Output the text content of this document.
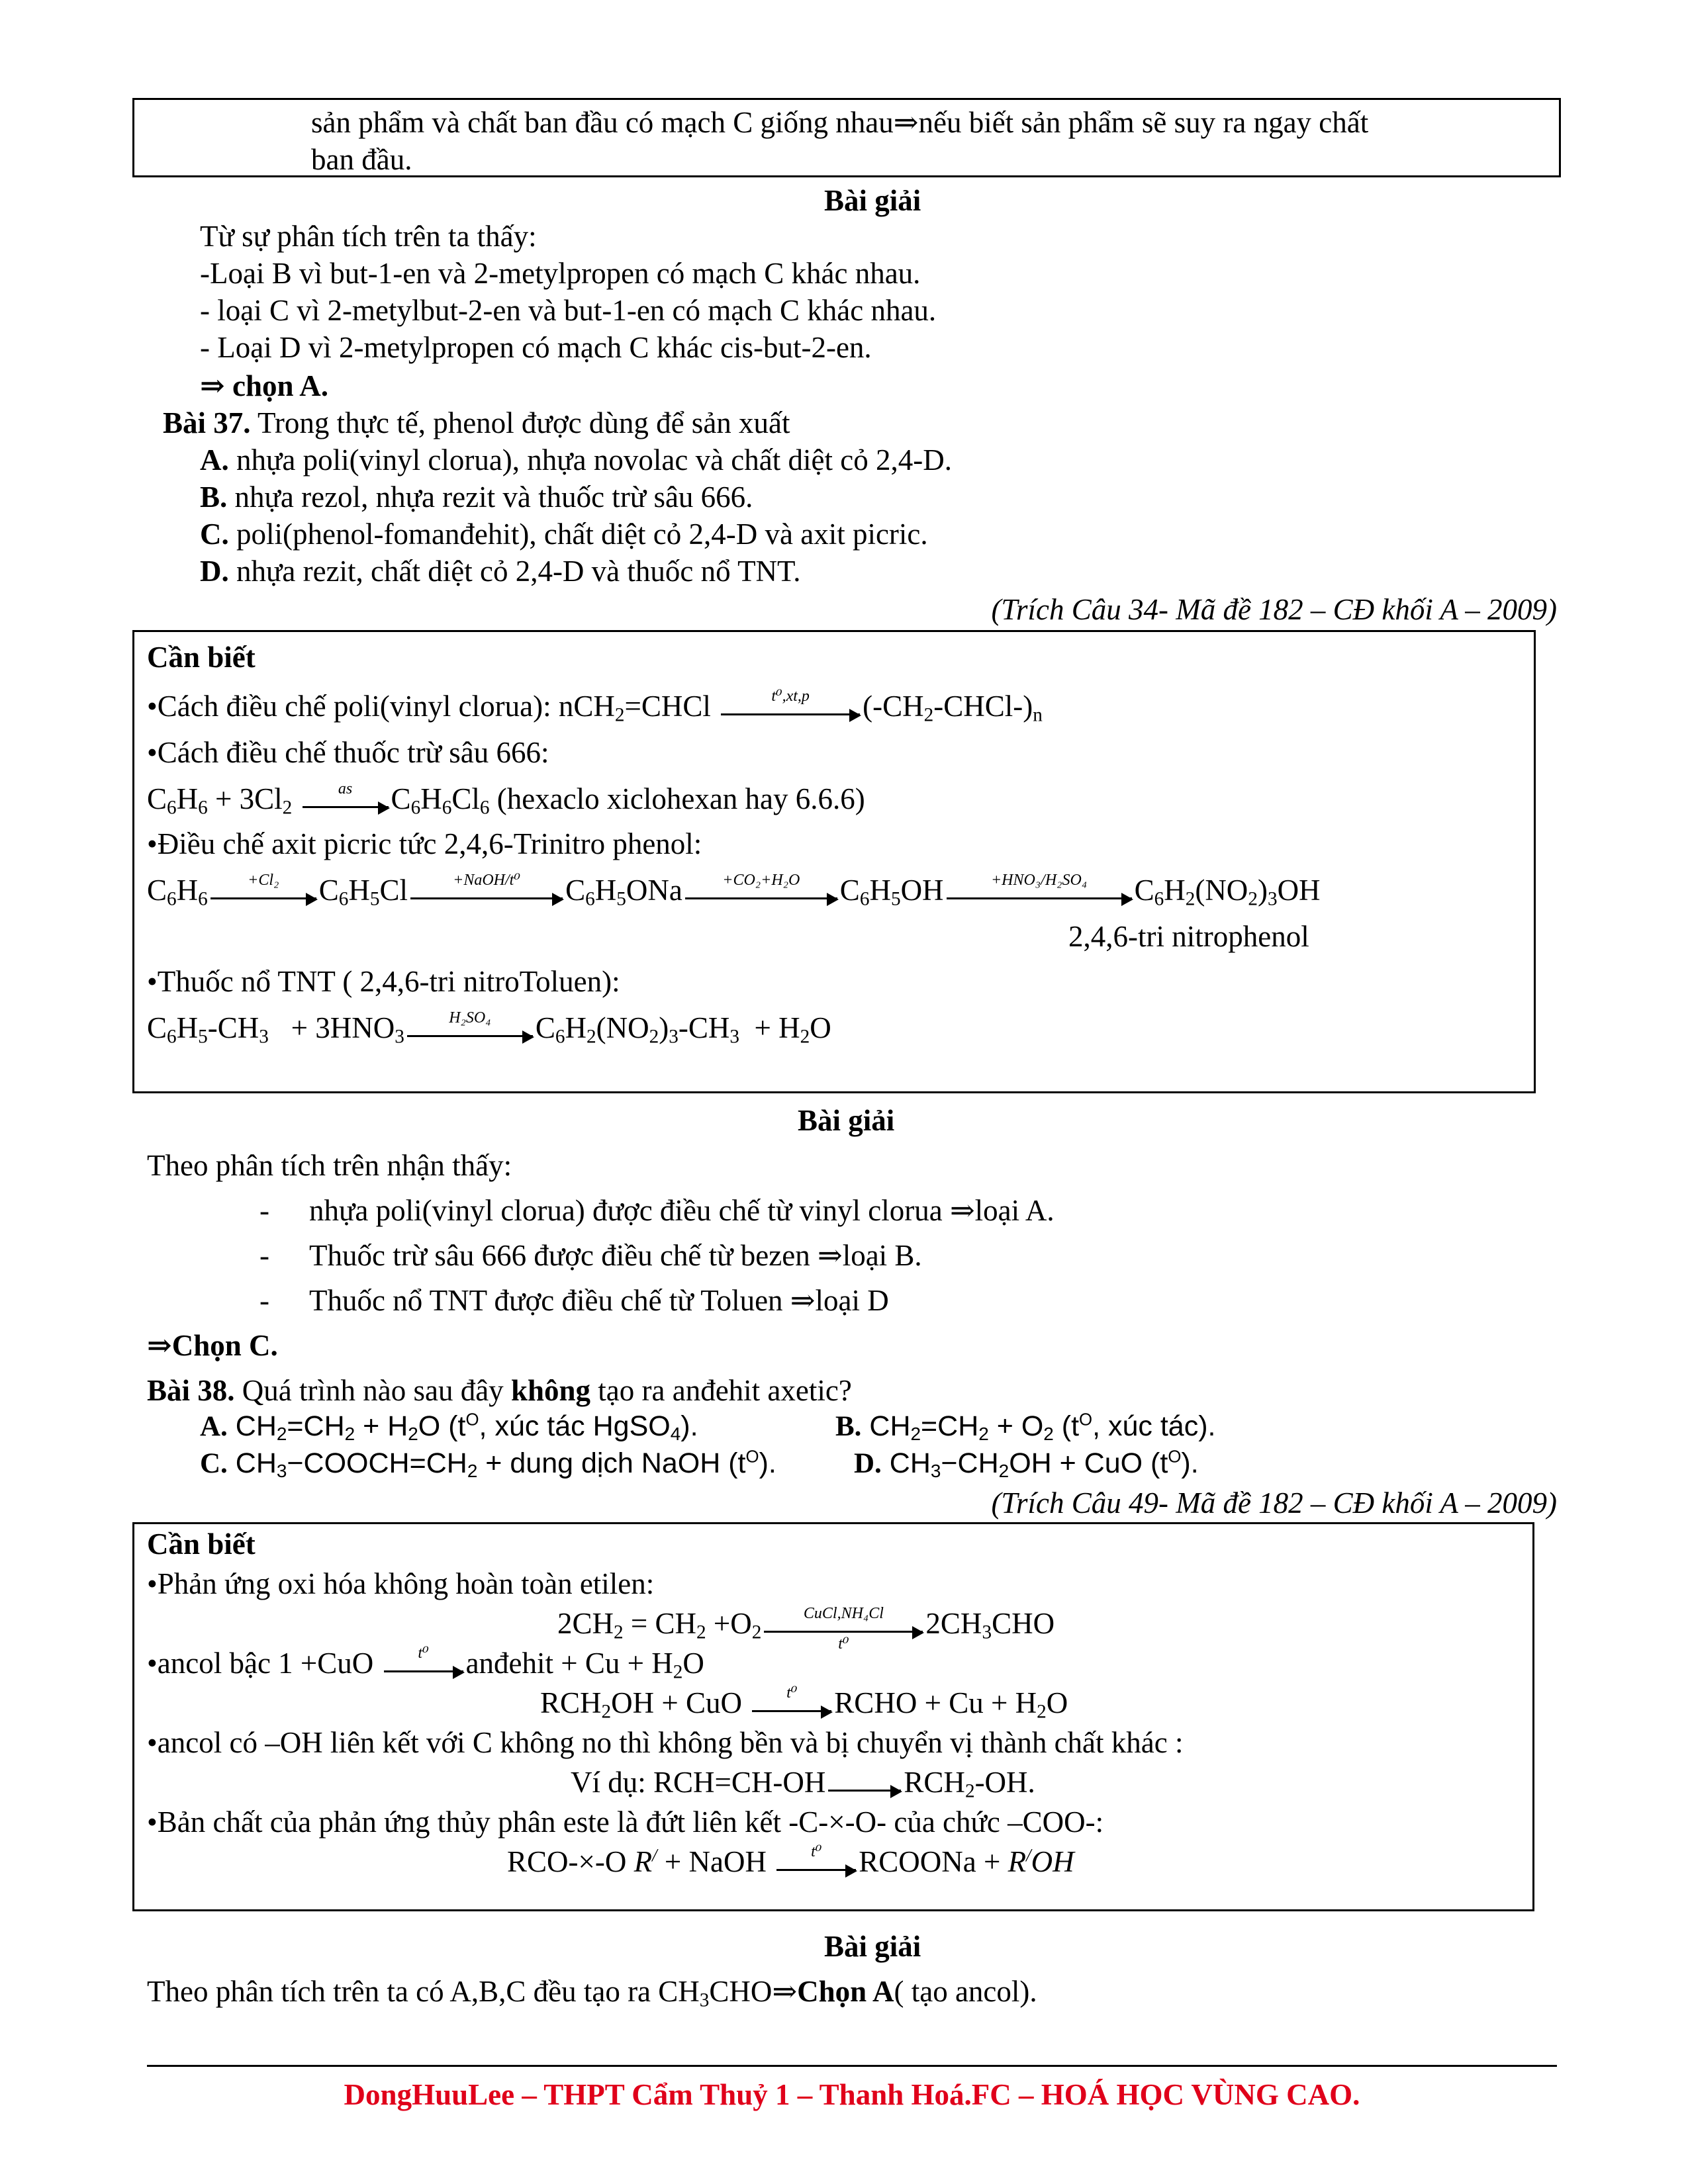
sản phẩm và chất ban đầu có mạch C giống nhau⇒nếu biết sản phẩm sẽ suy ra ngay chất
ban đầu.
Bài giải
Từ sự phân tích trên ta thấy:
-Loại B vì but-1-en và 2-metylpropen có mạch C khác nhau.
- loại C vì 2-metylbut-2-en và but-1-en có mạch C khác nhau.
- Loại D vì 2-metylpropen có mạch C khác cis-but-2-en.
⇒ chọn A.
Bài 37. Trong thực tế, phenol được dùng để sản xuất
A. nhựa poli(vinyl clorua), nhựa novolac và chất diệt cỏ 2,4-D.
B. nhựa rezol, nhựa rezit và thuốc trừ sâu 666.
C. poli(phenol-fomanđehit), chất diệt cỏ 2,4-D và axit picric.
D. nhựa rezit, chất diệt cỏ 2,4-D và thuốc nổ TNT.
(Trích Câu 34- Mã đề 182 – CĐ khối A – 2009)
Cần biết
•Cách điều chế poli(vinyl clorua): nCH$_2$=CHCl	t⁰,xt,p	$(-CH_2-CHCl-)_n$
•Cách điều chế thuốc trừ sâu 666:
$C_6H_6 + 3Cl_2$
as	$C_6H_6Cl_6$ (hexaclo xiclohexan hay 6.6.6)
•Điều chế axit picric tức 2,4,6-Trinitro phenol:
$C_6H_6$
+Cl₂	$C_6H_5Cl$	+NaOH/t⁰	$C_6H_5ONa$	+CO₂+H₂O	$C_6H_5OH$	+HNO₃/H₂SO₄	$C_6H_2(NO_2)_3OH$
2,4,6-tri nitrophenol
•Thuốc nổ TNT ( 2,4,6-tri nitroToluen):
$C_6H_5-CH_3 + 3HNO_3$
H₂SO₄	$C_6H_2(NO_2)_3-CH_3 + H_2O$
Bài giải
Theo phân tích trên nhận thấy:
- nhựa poli(vinyl clorua) được điều chế từ vinyl clorua ⇒loại A.
- Thuốc trừ sâu 666 được điều chế từ bezen ⇒loại B.
- Thuốc nổ TNT được điều chế từ Toluen ⇒loại D
⇒Chọn C.
Bài 38. Quá trình nào sau đây không tạo ra anđehit axetic?
A. $CH_2=CH_2 + H_2O$ ($t^O$, xúc tác HgSO$_4$).	B. $CH_2=CH_2 + O_2$ ($t^O$, xúc tác).
C. $CH_3-COOCH=CH_2$ + dung dịch NaOH $(t^O)$.	D. $CH_3-CH_2OH$ + CuO $(t^O)$.
(Trích Câu 49- Mã đề 182 – CĐ khối A – 2009)
Cần biết
•Phản ứng oxi hóa không hoàn toàn etilen:
$2CH_2 = CH_2 +O_2$
CuCl,NH₄Cl
t⁰
$2CH_3CHO$
•ancol bậc 1 +CuO	t⁰	anđehit + $Cu + H_2O$
$RCH_2OH$ + CuO	t⁰	RCHO + $Cu + H_2O$
•ancol có –OH liên kết với C không no thì không bền và bị chuyển vị thành chất khác :
Ví dụ: RCH=CH-OH	$RCH_2-OH$.
•Bản chất của phản ứng thủy phân este là đứt liên kết -C-×-O- của chức –COO-:
RCO-×-O R/ + NaOH	t⁰	RCOONa + R/OH
Bài giải
Theo phân tích trên ta có A,B,C đều tạo ra $CH_3CHO\Rightarrow Chọn$ A( tạo ancol).
DongHuuLee – THPT Cẩm Thuỷ 1 – Thanh Hoá.FC – HOÁ HỌC VÙNG CAO.
